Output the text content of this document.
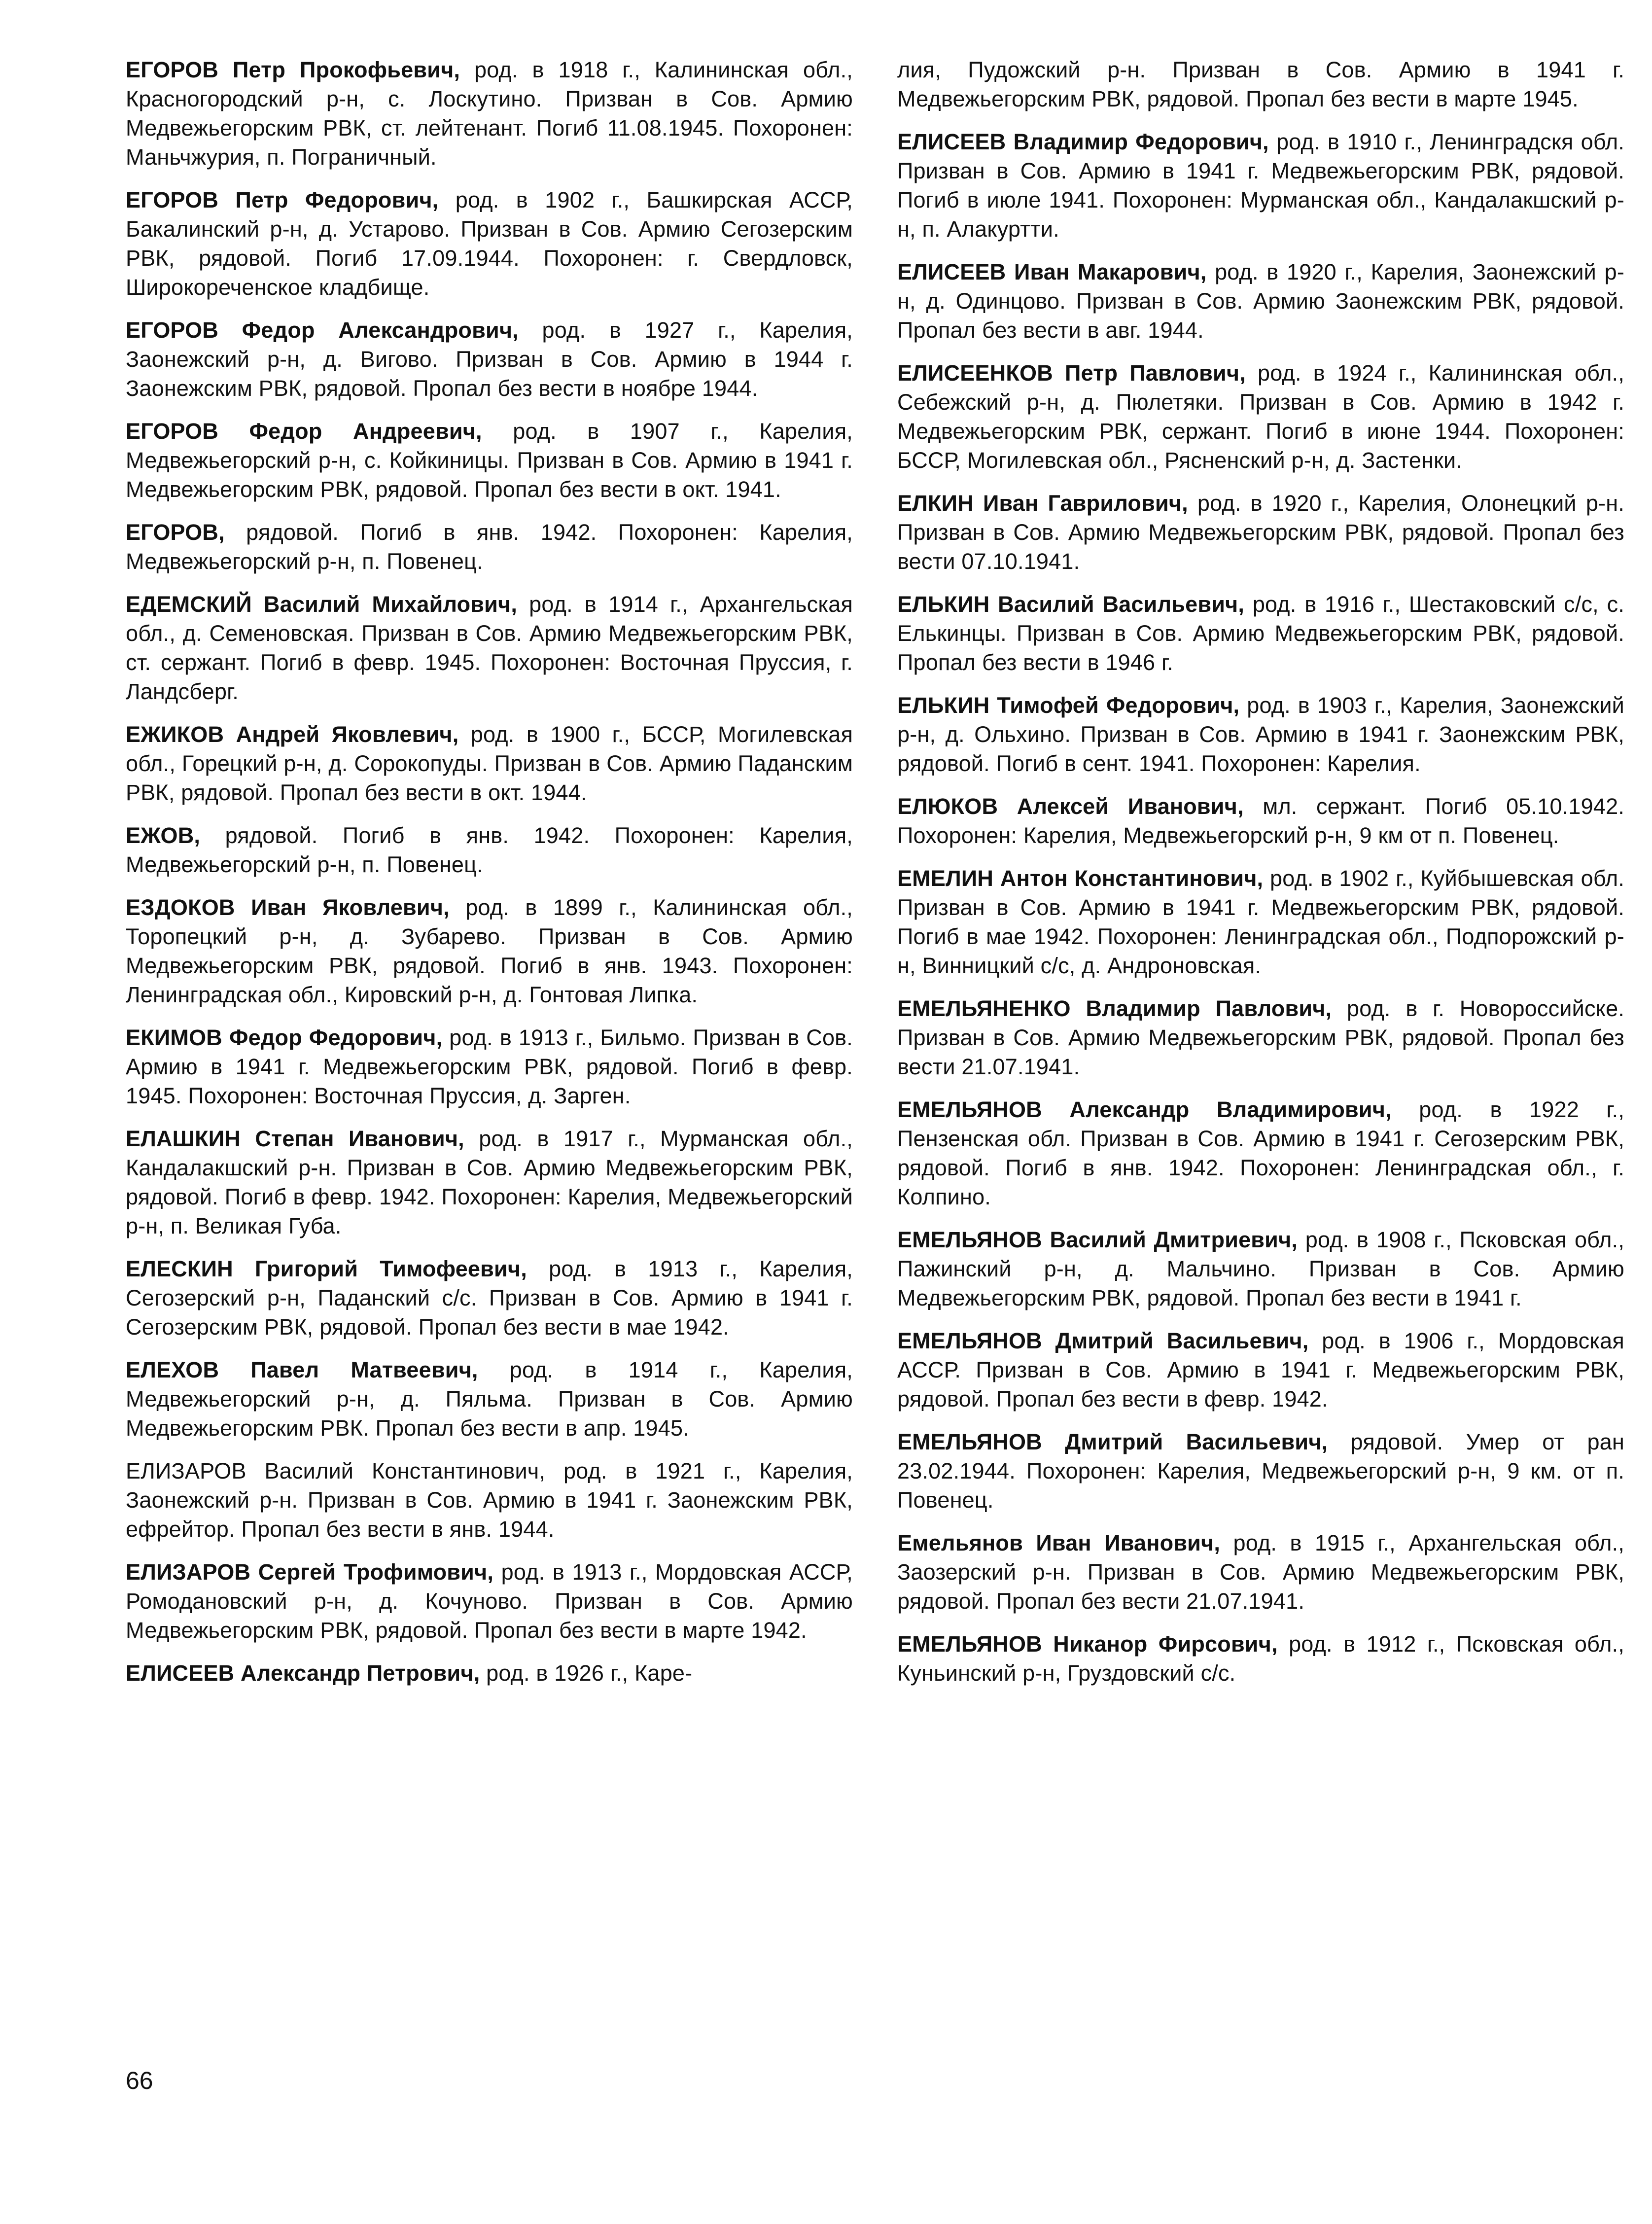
ЕГОРОВ Петр Прокофьевич, род. в 1918 г., Калининская обл., Красногородский р-н, с. Лоскутино. Призван в Сов. Армию Медвежьегорским РВК, ст. лейтенант. Погиб 11.08.1945. Похоронен: Маньчжурия, п. Пограничный.

ЕГОРОВ Петр Федорович, род. в 1902 г., Башкирская АССР, Бакалинский р-н, д. Устарово. Призван в Сов. Армию Сегозерским РВК, рядовой. Погиб 17.09.1944. Похоронен: г. Свердловск, Широкореченское кладбище.

ЕГОРОВ Федор Александрович, род. в 1927 г., Карелия, Заонежский р-н, д. Вигово. Призван в Сов. Армию в 1944 г. Заонежским РВК, рядовой. Пропал без вести в ноябре 1944.

ЕГОРОВ Федор Андреевич, род. в 1907 г., Карелия, Медвежьегорский р-н, с. Койкиницы. Призван в Сов. Армию в 1941 г. Медвежьегорским РВК, рядовой. Пропал без вести в окт. 1941.

ЕГОРОВ, рядовой. Погиб в янв. 1942. Похоронен: Карелия, Медвежьегорский р-н, п. Повенец.

ЕДЕМСКИЙ Василий Михайлович, род. в 1914 г., Архангельская обл., д. Семеновская. Призван в Сов. Армию Медвежьегорским РВК, ст. сержант. Погиб в февр. 1945. Похоронен: Восточная Пруссия, г. Ландсберг.

ЕЖИКОВ Андрей Яковлевич, род. в 1900 г., БССР, Могилевская обл., Горецкий р-н, д. Сорокопуды. Призван в Сов. Армию Паданским РВК, рядовой. Пропал без вести в окт. 1944.

ЕЖОВ, рядовой. Погиб в янв. 1942. Похоронен: Карелия, Медвежьегорский р-н, п. Повенец.

ЕЗДОКОВ Иван Яковлевич, род. в 1899 г., Калининская обл., Торопецкий р-н, д. Зубарево. Призван в Сов. Армию Медвежьегорским РВК, рядовой. Погиб в янв. 1943. Похоронен: Ленинградская обл., Кировский р-н, д. Гонтовая Липка.

ЕКИМОВ Федор Федорович, род. в 1913 г., Бильмо. Призван в Сов. Армию в 1941 г. Медвежьегорским РВК, рядовой. Погиб в февр. 1945. Похоронен: Восточная Пруссия, д. Зарген.

ЕЛАШКИН Степан Иванович, род. в 1917 г., Мурманская обл., Кандалакшский р-н. Призван в Сов. Армию Медвежьегорским РВК, рядовой. Погиб в февр. 1942. Похоронен: Карелия, Медвежьегорский р-н, п. Великая Губа.

ЕЛЕСКИН Григорий Тимофеевич, род. в 1913 г., Карелия, Сегозерский р-н, Паданский с/с. Призван в Сов. Армию в 1941 г. Сегозерским РВК, рядовой. Пропал без вести в мае 1942.

ЕЛЕХОВ Павел Матвеевич, род. в 1914 г., Карелия, Медвежьегорский р-н, д. Пяльма. Призван в Сов. Армию Медвежьегорским РВК. Пропал без вести в апр. 1945.

ЕЛИЗАРОВ Василий Константинович, род. в 1921 г., Карелия, Заонежский р-н. Призван в Сов. Армию в 1941 г. Заонежским РВК, ефрейтор. Пропал без вести в янв. 1944.

ЕЛИЗАРОВ Сергей Трофимович, род. в 1913 г., Мордовская АССР, Ромодановский р-н, д. Кочуново. Призван в Сов. Армию Медвежьегорским РВК, рядовой. Пропал без вести в марте 1942.

ЕЛИСЕЕВ Александр Петрович, род. в 1926 г., Каре-

лия, Пудожский р-н. Призван в Сов. Армию в 1941 г. Медвежьегорским РВК, рядовой. Пропал без вести в марте 1945.

ЕЛИСЕЕВ Владимир Федорович, род. в 1910 г., Ленинградскя обл. Призван в Сов. Армию в 1941 г. Медвежьегорским РВК, рядовой. Погиб в июле 1941. Похоронен: Мурманская обл., Кандалакшский р-н, п. Алакуртти.

ЕЛИСЕЕВ Иван Макарович, род. в 1920 г., Карелия, Заонежский р-н, д. Одинцово. Призван в Сов. Армию Заонежским РВК, рядовой. Пропал без вести в авг. 1944.

ЕЛИСЕЕНКОВ Петр Павлович, род. в 1924 г., Калининская обл., Себежский р-н, д. Пюлетяки. Призван в Сов. Армию в 1942 г. Медвежьегорским РВК, сержант. Погиб в июне 1944. Похоронен: БССР, Могилевская обл., Рясненский р-н, д. Застенки.

ЕЛКИН Иван Гаврилович, род. в 1920 г., Карелия, Олонецкий р-н. Призван в Сов. Армию Медвежьегорским РВК, рядовой. Пропал без вести 07.10.1941.

ЕЛЬКИН Василий Васильевич, род. в 1916 г., Шестаковский с/с, с. Елькинцы. Призван в Сов. Армию Медвежьегорским РВК, рядовой. Пропал без вести в 1946 г.

ЕЛЬКИН Тимофей Федорович, род. в 1903 г., Карелия, Заонежский р-н, д. Ольхино. Призван в Сов. Армию в 1941 г. Заонежским РВК, рядовой. Погиб в сент. 1941. Похоронен: Карелия.

ЕЛЮКОВ Алексей Иванович, мл. сержант. Погиб 05.10.1942. Похоронен: Карелия, Медвежьегорский р-н, 9 км от п. Повенец.

ЕМЕЛИН Антон Константинович, род. в 1902 г., Куйбышевская обл. Призван в Сов. Армию в 1941 г. Медвежьегорским РВК, рядовой. Погиб в мае 1942. Похоронен: Ленинградская обл., Подпорожский р-н, Винницкий с/с, д. Андроновская.

ЕМЕЛЬЯНЕНКО Владимир Павлович, род. в г. Новороссийске. Призван в Сов. Армию Медвежьегорским РВК, рядовой. Пропал без вести 21.07.1941.

ЕМЕЛЬЯНОВ Александр Владимирович, род. в 1922 г., Пензенская обл. Призван в Сов. Армию в 1941 г. Сегозерским РВК, рядовой. Погиб в янв. 1942. Похоронен: Ленинградская обл., г. Колпино.

ЕМЕЛЬЯНОВ Василий Дмитриевич, род. в 1908 г., Псковская обл., Пажинский р-н, д. Мальчино. Призван в Сов. Армию Медвежьегорским РВК, рядовой. Пропал без вести в 1941 г.

ЕМЕЛЬЯНОВ Дмитрий Васильевич, род. в 1906 г., Мордовская АССР. Призван в Сов. Армию в 1941 г. Медвежьегорским РВК, рядовой. Пропал без вести в февр. 1942.

ЕМЕЛЬЯНОВ Дмитрий Васильевич, рядовой. Умер от ран 23.02.1944. Похоронен: Карелия, Медвежьегорский р-н, 9 км. от п. Повенец.

Емельянов Иван Иванович, род. в 1915 г., Архангельская обл., Заозерский р-н. Призван в Сов. Армию Медвежьегорским РВК, рядовой. Пропал без вести 21.07.1941.

ЕМЕЛЬЯНОВ Никанор Фирсович, род. в 1912 г., Псковская обл., Куньинский р-н, Груздовский с/с.

66
